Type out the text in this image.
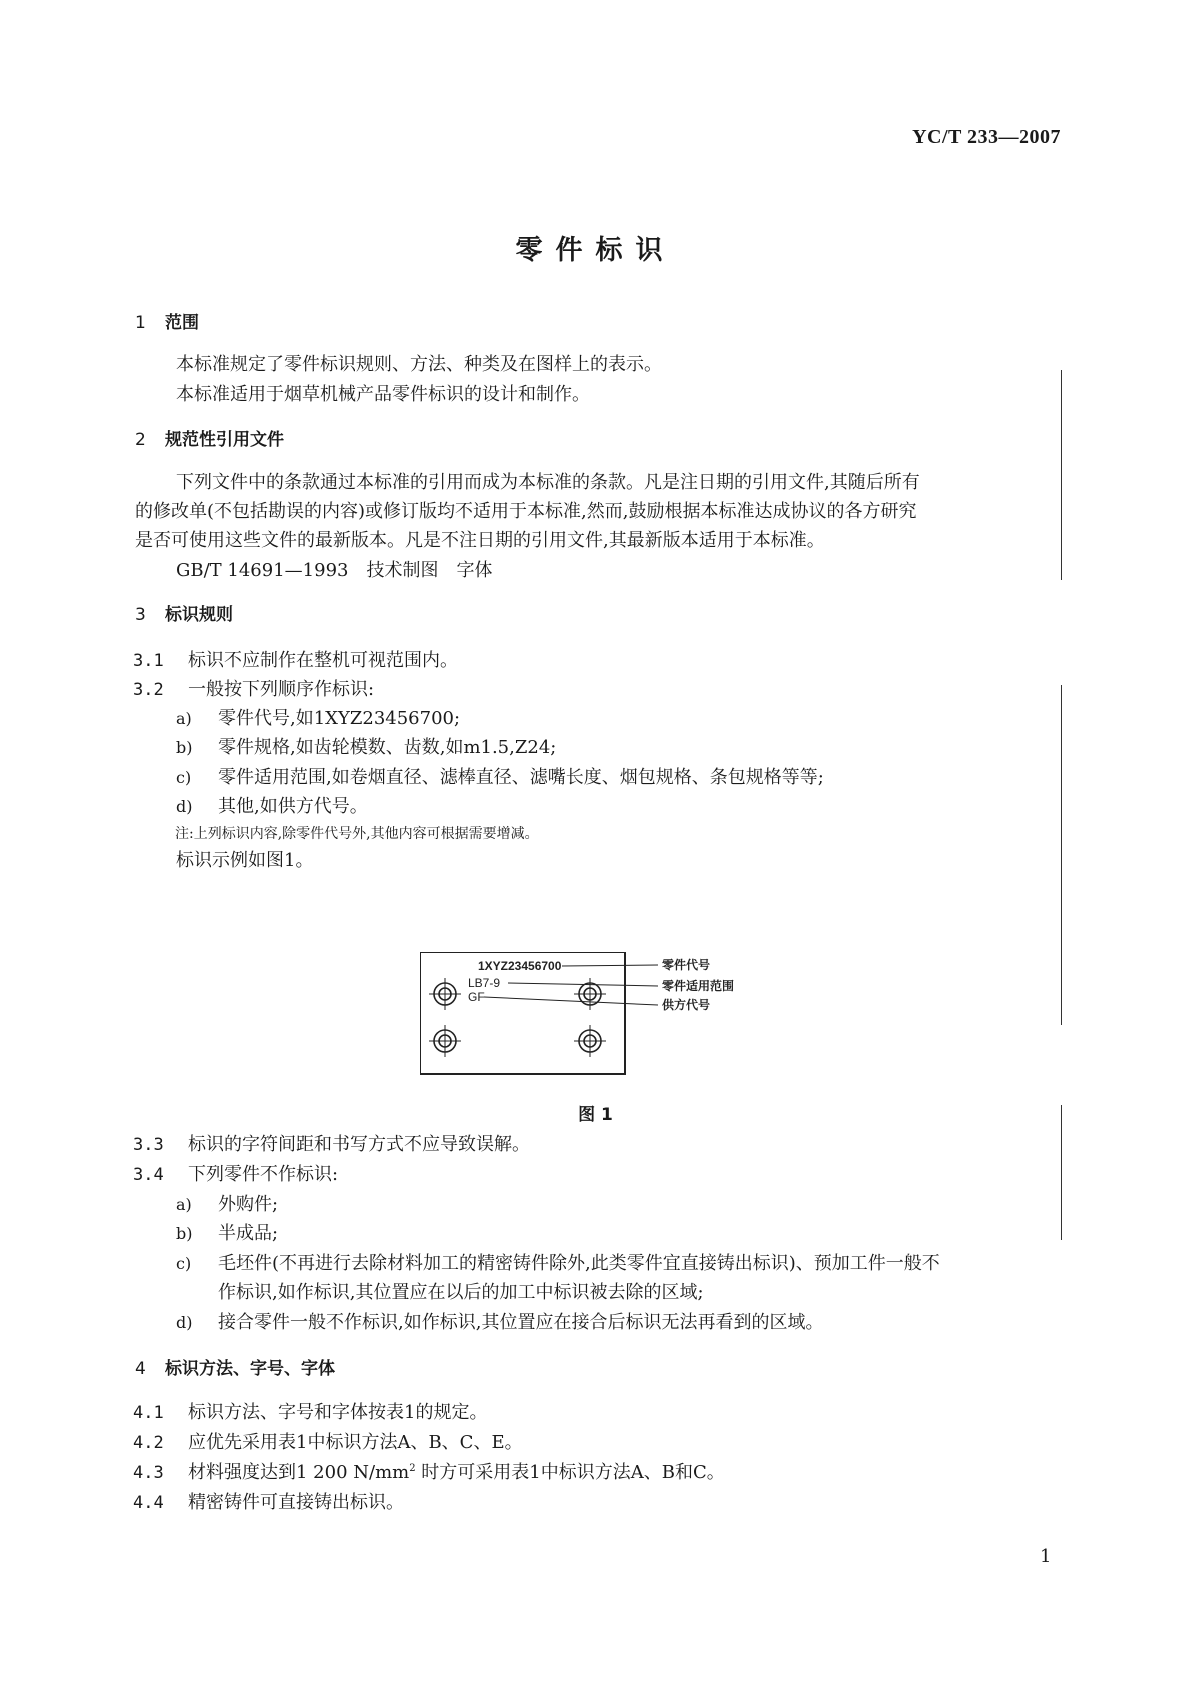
YC/T 233—2007
零件标识
1 范围
本标准规定了零件标识规则、方法、种类及在图样上的表示。
本标准适用于烟草机械产品零件标识的设计和制作。
2 规范性引用文件
下列文件中的条款通过本标准的引用而成为本标准的条款。凡是注日期的引用文件,其随后所有
的修改单(不包括勘误的内容)或修订版均不适用于本标准,然而,鼓励根据本标准达成协议的各方研究
是否可使用这些文件的最新版本。凡是不注日期的引用文件,其最新版本适用于本标准。
GB/T 14691—1993　技术制图　字体
3 标识规则
3.1 标识不应制作在整机可视范围内。
3.2 一般按下列顺序作标识:
a) 零件代号,如1XYZ23456700;
b) 零件规格,如齿轮模数、齿数,如m1.5,Z24;
c) 零件适用范围,如卷烟直径、滤棒直径、滤嘴长度、烟包规格、条包规格等等;
d) 其他,如供方代号。
注:上列标识内容,除零件代号外,其他内容可根据需要增减。
标识示例如图1。
1XYZ23456700
LB7-9
GF
零件代号
零件适用范围
供方代号
图 1
3.3 标识的字符间距和书写方式不应导致误解。
3.4 下列零件不作标识:
a) 外购件;
b) 半成品;
c) 毛坯件(不再进行去除材料加工的精密铸件除外,此类零件宜直接铸出标识)、预加工件一般不
作标识,如作标识,其位置应在以后的加工中标识被去除的区域;
d) 接合零件一般不作标识,如作标识,其位置应在接合后标识无法再看到的区域。
4 标识方法、字号、字体
4.1 标识方法、字号和字体按表1的规定。
4.2 应优先采用表1中标识方法A、B、C、E。
4.3 材料强度达到1 200 $N/mm^2$ 时方可采用表1中标识方法A、B和C。
4.4 精密铸件可直接铸出标识。
1
